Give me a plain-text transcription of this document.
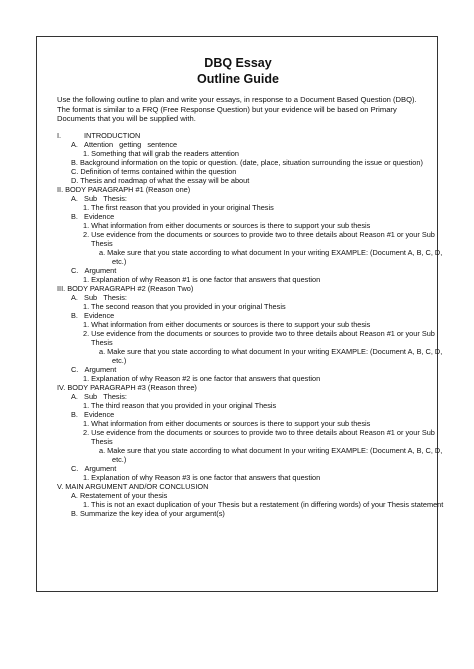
DBQ Essay
Outline Guide

Use the following outline to plan and write your essays, in response to a Document Based Question (DBQ). The format is similar to a FRQ (Free Response Question) but your evidence will be based on Primary Documents that you will be supplied with.

I.	INTRODUCTION
A.   Attention   getting   sentence
1. Something that will grab the readers attention
B. Background information on the topic or question. (date, place, situation surrounding the issue or question)
C. Definition of terms contained within the question
D. Thesis and roadmap of what the essay will be about
II. BODY PARAGRAPH #1 (Reason one)
A.   Sub   Thesis:
1. The first reason that you provided in your original Thesis
B.   Evidence
1. What information from either documents or sources is there to support your sub thesis
2. Use evidence from the documents or sources to provide two to three details about Reason #1 or your Sub
Thesis
a. Make sure that you state according to what document In your writing EXAMPLE: (Document A, B, C, D,
etc.)
C.   Argument
1. Explanation of why Reason #1 is one factor that answers that question
III. BODY PARAGRAPH #2 (Reason Two)
A.   Sub   Thesis:
1. The second reason that you provided in your original Thesis
B.   Evidence
1. What information from either documents or sources is there to support your sub thesis
2. Use evidence from the documents or sources to provide two to three details about Reason #1 or your Sub
Thesis
a. Make sure that you state according to what document In your writing EXAMPLE: (Document A, B, C, D,
etc.)
C.   Argument
1. Explanation of why Reason #2 is one factor that answers that question
IV. BODY PARAGRAPH #3 (Reason three)
A.   Sub   Thesis:
1. The third reason that you provided in your original Thesis
B.   Evidence
1. What information from either documents or sources is there to support your sub thesis
2. Use evidence from the documents or sources to provide two to three details about Reason #1 or your Sub
Thesis
a. Make sure that you state according to what document In your writing EXAMPLE: (Document A, B, C, D,
etc.)
C.   Argument
1. Explanation of why Reason #3 is one factor that answers that question
V. MAIN ARGUMENT AND/OR CONCLUSION
A. Restatement of your thesis
1. This is not an exact duplication of your Thesis but a restatement (in differing words) of your Thesis statement
B. Summarize the key idea of your argument(s)
